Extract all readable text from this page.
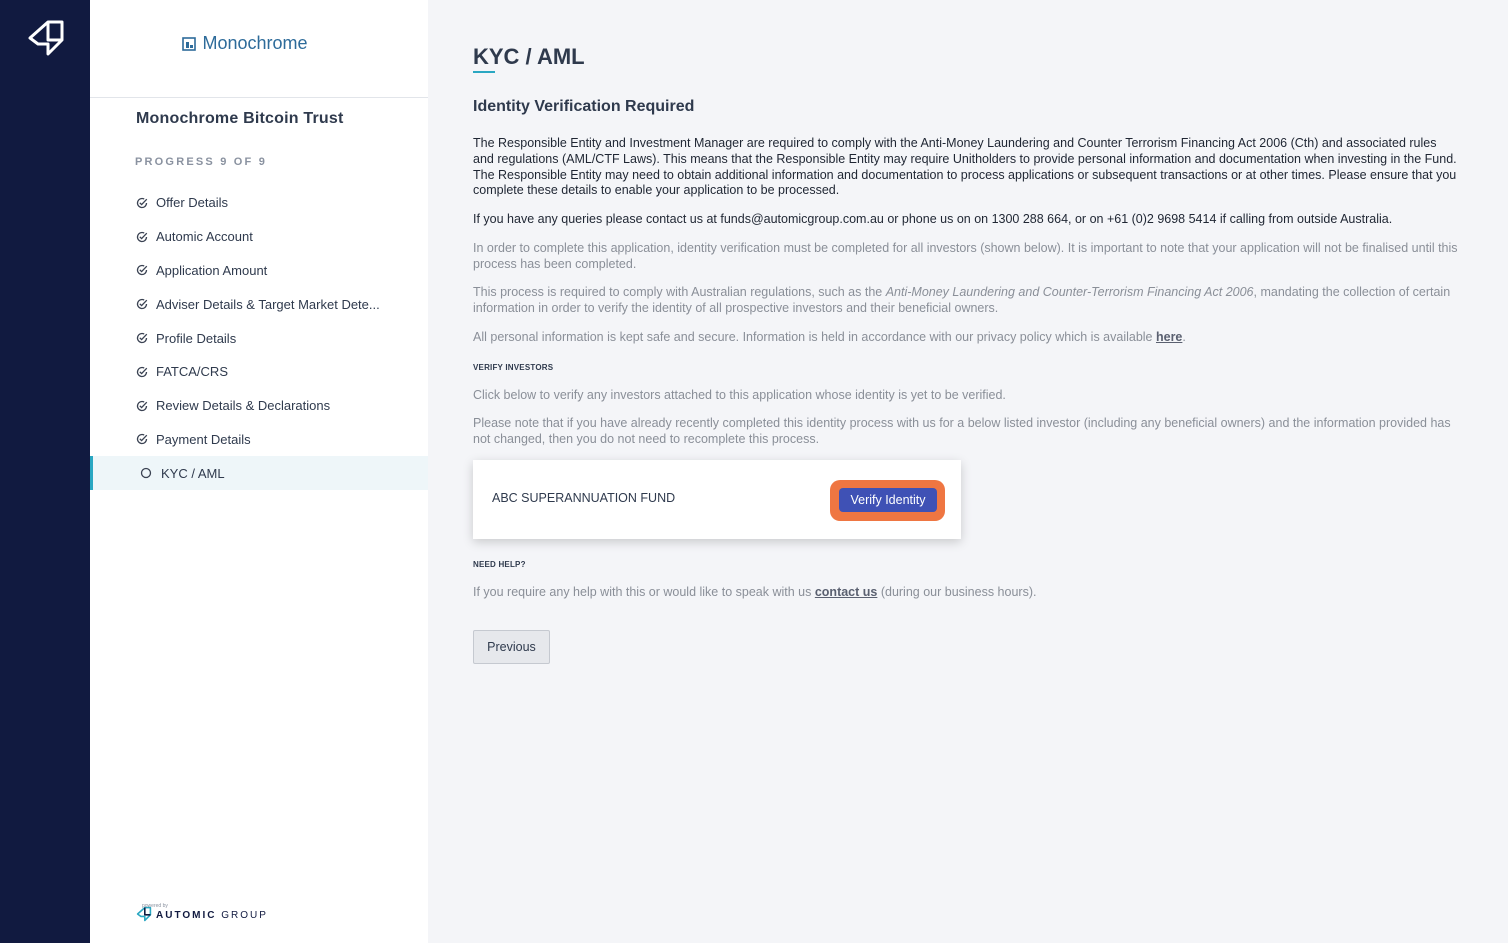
Monochrome
Monochrome Bitcoin Trust
PROGRESS 9 OF 9
Offer Details
Automic Account
Application Amount
Adviser Details & Target Market Dete...
Profile Details
FATCA/CRS
Review Details & Declarations
Payment Details
KYC / AML
powered by
AUTOMIC GROUP
KYC / AML
Identity Verification Required

The Responsible Entity and Investment Manager are required to comply with the Anti-Money Laundering and Counter Terrorism Financing Act 2006 (Cth) and associated rules and regulations (AML/CTF Laws). This means that the Responsible Entity may require Unitholders to provide personal information and documentation when investing in the Fund. The Responsible Entity may need to obtain additional information and documentation to process applications or subsequent transactions or at other times. Please ensure that you complete these details to enable your application to be processed.

If you have any queries please contact us at funds@automicgroup.com.au or phone us on on 1300 288 664, or on +61 (0)2 9698 5414 if calling from outside Australia.

In order to complete this application, identity verification must be completed for all investors (shown below). It is important to note that your application will not be finalised until this process has been completed.

This process is required to comply with Australian regulations, such as the Anti-Money Laundering and Counter-Terrorism Financing Act 2006, mandating the collection of certain information in order to verify the identity of all prospective investors and their beneficial owners.

All personal information is kept safe and secure. Information is held in accordance with our privacy policy which is available here.

VERIFY INVESTORS

Click below to verify any investors attached to this application whose identity is yet to be verified.

Please note that if you have already recently completed this identity process with us for a below listed investor (including any beneficial owners) and the information provided has not changed, then you do not need to recomplete this process.

ABC SUPERANNUATION FUND	Verify Identity
NEED HELP?

If you require any help with this or would like to speak with us contact us (during our business hours).

Previous
